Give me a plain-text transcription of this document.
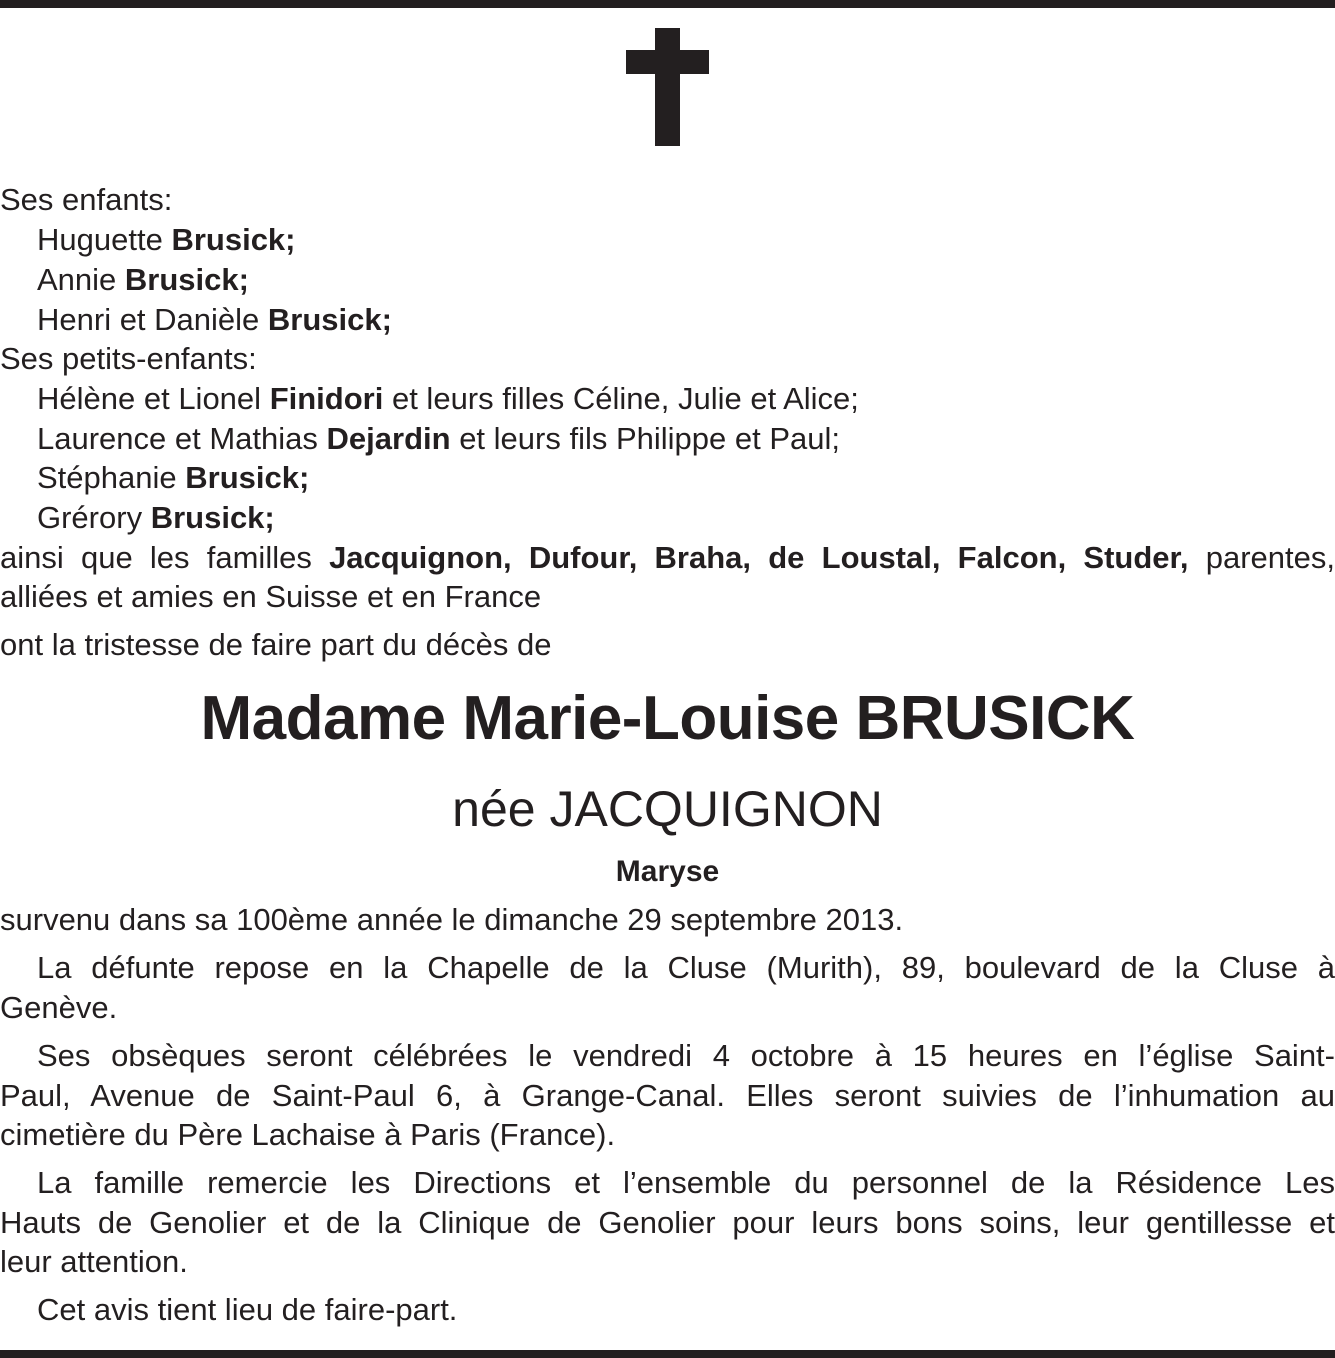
Ses enfants:
Huguette Brusick;
Annie Brusick;
Henri et Danièle Brusick;
Ses petits-enfants:
Hélène et Lionel Finidori et leurs filles Céline, Julie et Alice;
Laurence et Mathias Dejardin et leurs fils Philippe et Paul;
Stéphanie Brusick;
Grérory Brusick;
ainsi que les familles Jacquignon, Dufour, Braha, de Loustal, Falcon, Studer, parentes,
alliées et amies en Suisse et en France
ont la tristesse de faire part du décès de
Madame Marie-Louise BRUSICK
née JACQUIGNON
Maryse
survenu dans sa 100ème année le dimanche 29 septembre 2013.
La défunte repose en la Chapelle de la Cluse (Murith), 89, boulevard de la Cluse à
Genève.
Ses obsèques seront célébrées le vendredi 4 octobre à 15 heures en l’église Saint-
Paul, Avenue de Saint-Paul 6, à Grange-Canal. Elles seront suivies de l’inhumation au
cimetière du Père Lachaise à Paris (France).
La famille remercie les Directions et l’ensemble du personnel de la Résidence Les
Hauts de Genolier et de la Clinique de Genolier pour leurs bons soins, leur gentillesse et
leur attention.
Cet avis tient lieu de faire-part.
